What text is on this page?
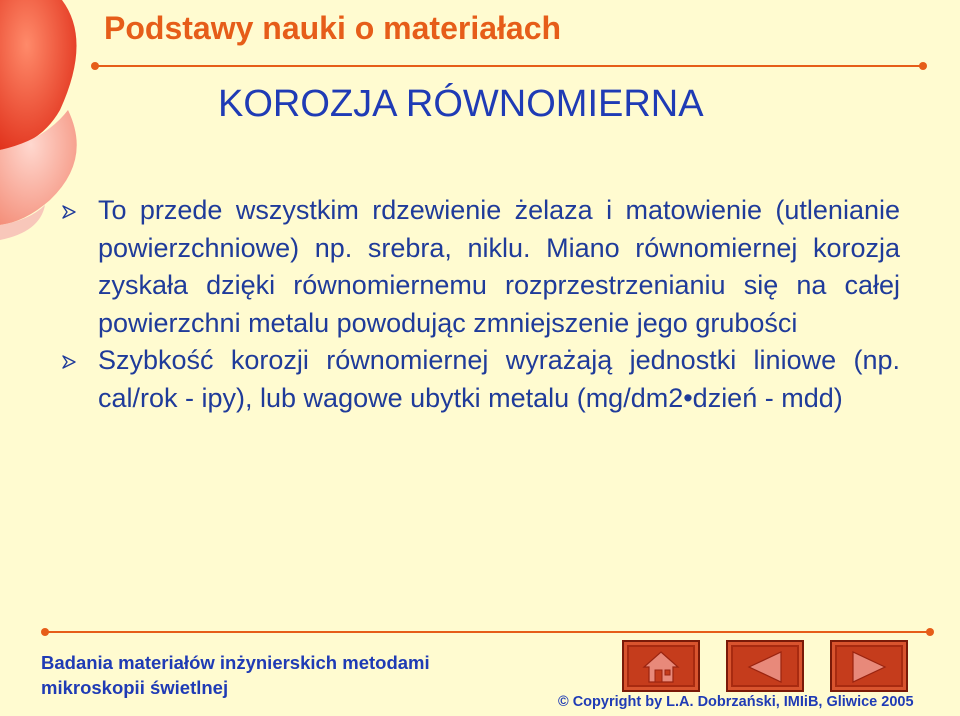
Podstawy nauki o materiałach
KOROZJA RÓWNOMIERNA
To przede wszystkim rdzewienie żelaza i matowienie (utlenianie powierzchniowe) np. srebra, niklu. Miano równomiernej korozja zyskała dzięki równomiernemu rozprzestrzenianiu się na całej powierzchni metalu powodując zmniejszenie jego grubości
Szybkość korozji równomiernej wyrażają jednostki liniowe (np. cal/rok - ipy), lub wagowe ubytki metalu (mg/dm2•dzień - mdd)
Badania materiałów inżynierskich metodami
mikroskopii świetlnej
© Copyright by L.A. Dobrzański, IMIiB, Gliwice 2005
